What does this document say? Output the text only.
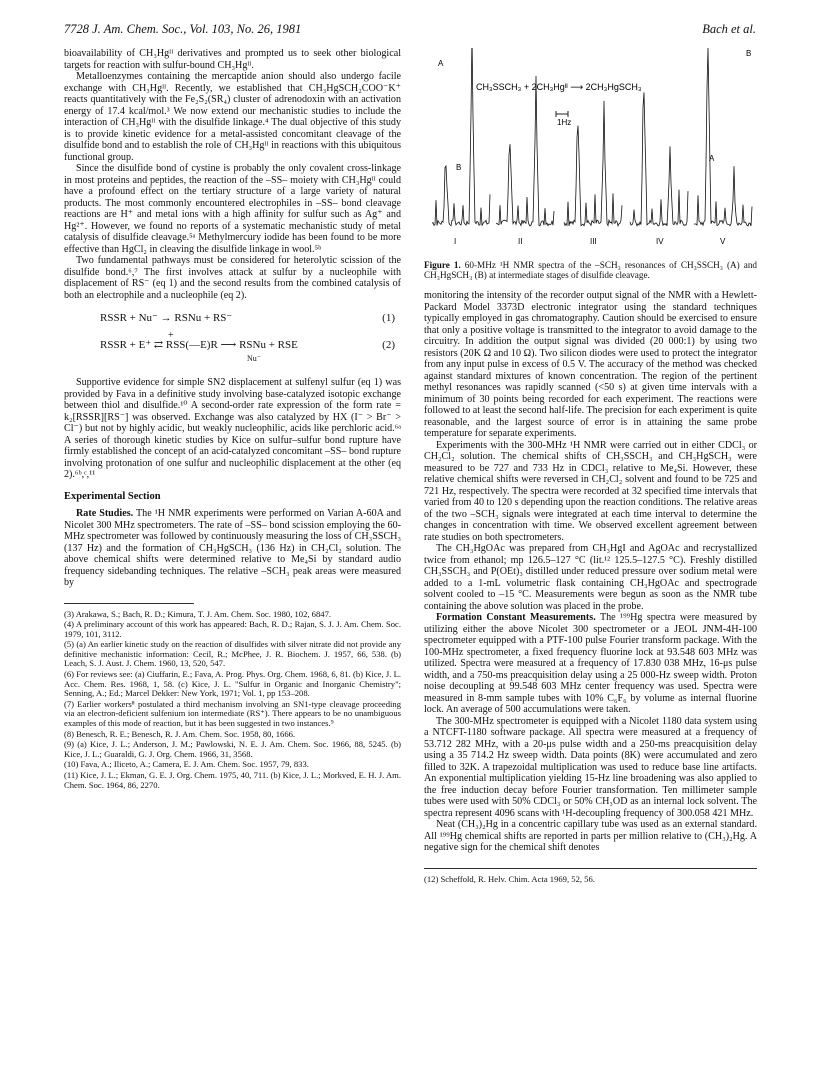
7728 J. Am. Chem. Soc., Vol. 103, No. 26, 1981	Bach et al.

bioavailability of CH₃Hgᴵᴵ derivatives and prompted us to seek other biological targets for reaction with sulfur-bound CH₃Hgᴵᴵ.

Metalloenzymes containing the mercaptide anion should also undergo facile exchange with CH₃Hgᴵᴵ. Recently, we established that CH₃HgSCH₂COO⁻K⁺ reacts quantitatively with the Fe₂S₂(SR₄) cluster of adrenodoxin with an activation energy of 17.4 kcal/mol.³ We now extend our mechanistic studies to include the interaction of CH₃Hgᴵᴵ with the disulfide linkage.⁴ The dual objective of this study is to provide kinetic evidence for a metal-assisted concomitant cleavage of the disulfide bond and to establish the role of CH₃Hgᴵᴵ in reactions with this ubiquitous functional group.

Since the disulfide bond of cystine is probably the only covalent cross-linkage in most proteins and peptides, the reaction of the –SS– moiety with CH₃Hgᴵᴵ could have a profound effect on the tertiary structure of a large variety of natural products. The most commonly encountered electrophiles in –SS– bond cleavage reactions are H⁺ and metal ions with a high affinity for sulfur such as Ag⁺ and Hg²⁺. However, we found no reports of a systematic mechanistic study of metal catalysis of disulfide cleavage.⁵ᵃ Methylmercury iodide has been found to be more effective than HgCl₂ in cleaving the disulfide linkage in wool.⁵ᵇ

Two fundamental pathways must be considered for heterolytic scission of the disulfide bond.⁶,⁷ The first involves attack at sulfur by a nucleophile with displacement of RS⁻ (eq 1) and the second results from the combined catalysis of both an electrophile and a nucleophile (eq 2).

RSSR + Nu⁻ → RSNu + RS⁻	(1)
+
RSSR + E⁺ ⇄ RSS(—E)R ⟶ RSNu + RSE
Nu⁻
(2)

Supportive evidence for simple SN2 displacement at sulfenyl sulfur (eq 1) was provided by Fava in a definitive study involving base-catalyzed isotopic exchange between thiol and disulfide.¹⁰ A second-order rate expression of the form rate = k₂[RSSR][RS⁻] was observed. Exchange was also catalyzed by HX (I⁻ > Br⁻ > Cl⁻) but not by highly acidic, but weakly nucleophilic, acids like perchloric acid.⁶ᵃ A series of thorough kinetic studies by Kice on sulfur–sulfur bond rupture have firmly established the concept of an acid-catalyzed concomitant –SS– bond rupture involving protonation of one sulfur and nucleophilic displacement at the other (eq 2).⁶ᵇ,ᶜ,¹¹

Experimental Section

Rate Studies. The ¹H NMR experiments were performed on Varian A-60A and Nicolet 300 MHz spectrometers. The rate of –SS– bond scission employing the 60-MHz spectrometer was followed by continuously measuring the loss of CH₃SSCH₃ (137 Hz) and the formation of CH₃HgSCH₃ (136 Hz) in CH₂Cl₂ solution. The above chemical shifts were determined relative to Me₄Si by standard audio frequency sidebanding techniques. The relative –SCH₃ peak areas were measured by

(3) Arakawa, S.; Bach, R. D.; Kimura, T. J. Am. Chem. Soc. 1980, 102, 6847.

(4) A preliminary account of this work has appeared: Bach, R. D.; Rajan, S. J. J. Am. Chem. Soc. 1979, 101, 3112.

(5) (a) An earlier kinetic study on the reaction of disulfides with silver nitrate did not provide any definitive mechanistic information: Cecil, R.; McPhee, J. R. Biochem. J. 1957, 66, 538. (b) Leach, S. J. Aust. J. Chem. 1960, 13, 520, 547.

(6) For reviews see: (a) Ciuffarin, E.; Fava, A. Prog. Phys. Org. Chem. 1968, 6, 81. (b) Kice, J. L. Acc. Chem. Res. 1968, 1, 58. (c) Kice, J. L. "Sulfur in Organic and Inorganic Chemistry"; Senning, A.; Ed.; Marcel Dekker: New York, 1971; Vol. 1, pp 153–208.

(7) Earlier workers⁸ postulated a third mechanism involving an SN1-type cleavage proceeding via an electron-deficient sulfenium ion intermediate (RS⁺). There appears to be no unambiguous examples of this mode of reaction, but it has been suggested in two instances.⁹

(8) Benesch, R. E.; Benesch, R. J. Am. Chem. Soc. 1958, 80, 1666.

(9) (a) Kice, J. L.; Anderson, J. M.; Pawlowski, N. E. J. Am. Chem. Soc. 1966, 88, 5245. (b) Kice, J. L.; Guaraldi, G. J. Org. Chem. 1966, 31, 3568.

(10) Fava, A.; Iliceto, A.; Camera, E. J. Am. Chem. Soc. 1957, 79, 833.

(11) Kice, J. L.; Ekman, G. E. J. Org. Chem. 1975, 40, 711. (b) Kice, J. L.; Morkved, E. H. J. Am. Chem. Soc. 1964, 86, 2270.

CH₃SSCH₃ + 2CH₃Hgᴵᴵ ⟶ 2CH₃HgSCH₃
1Hz
A
B
B
A
I	II	III	IV	V

Figure 1. 60-MHz ¹H NMR spectra of the –SCH₃ resonances of CH₃SSCH₃ (A) and CH₃HgSCH₃ (B) at intermediate stages of disulfide cleavage.

monitoring the intensity of the recorder output signal of the NMR with a Hewlett-Packard Model 3373D electronic integrator using the standard techniques typically employed in gas chromatography. Caution should be exercised to ensure that only a positive voltage is transmitted to the integrator to avoid damage to the circuitry. In addition the output signal was divided (20 000:1) by using two resistors (20K Ω and 10 Ω). Two silicon diodes were used to protect the integrator from any input pulse in excess of 0.5 V. The accuracy of the method was checked against standard mixtures of known concentration. The region of the pertinent methyl resonances was rapidly scanned (<50 s) at given time intervals with a minimum of 30 points being recorded for each experiment. The reactions were followed to at least the second half-life. The precision for each experiment is quite reasonable, and the largest source of error is in attaining the same probe temperature for separate experiments.

Experiments with the 300-MHz ¹H NMR were carried out in either CDCl₃ or CH₂Cl₂ solution. The chemical shifts of CH₃SSCH₃ and CH₃HgSCH₃ were measured to be 727 and 733 Hz in CDCl₃ relative to Me₄Si. However, these relative chemical shifts were reversed in CH₂Cl₂ solvent and found to be 725 and 721 Hz, respectively. The spectra were recorded at 32 specified time intervals that varied from 40 to 120 s depending upon the reaction conditions. The relative areas of the two –SCH₃ signals were integrated at each time interval to determine the changes in concentration with time. We observed excellent agreement between rate studies on both spectrometers.

The CH₃HgOAc was prepared from CH₃HgI and AgOAc and recrystallized twice from ethanol; mp 126.5–127 °C (lit.¹² 125.5–127.5 °C). Freshly distilled CH₃SSCH₃ and P(OEt)₃ distilled under reduced pressure over sodium metal were added to a 1-mL volumetric flask containing CH₃HgOAc and spectrograde solvent cooled to –15 °C. Measurements were begun as soon as the NMR tube containing the above solution was placed in the probe.

Formation Constant Measurements. The ¹⁹⁹Hg spectra were measured by utilizing either the above Nicolet 300 spectrometer or a JEOL JNM-4H-100 spectrometer equipped with a PTF-100 pulse Fourier transform package. With the 100-MHz spectrometer, a fixed frequency fluorine lock at 93.548 603 MHz was utilized. Spectra were measured at a frequency of 17.830 038 MHz, 16-μs pulse width, and a 750-ms preacquisition delay using a 25 000-Hz sweep width. Proton noise decoupling at 99.548 603 MHz center frequency was used. Spectra were measured in 8-mm sample tubes with 10% C₆F₆ by volume as internal fluorine lock. An average of 500 accumulations were taken.

The 300-MHz spectrometer is equipped with a Nicolet 1180 data system using a NTCFT-1180 software package. All spectra were measured at a frequency of 53.712 282 MHz, with a 20-μs pulse width and a 250-ms preacquisition delay using a 35 714.2 Hz sweep width. Data points (8K) were accumulated and zero filled to 32K. A trapezoidal multiplication was used to reduce base line artifacts. An exponential multiplication yielding 15-Hz line broadening was also applied to the free induction decay before Fourier transformation. Ten millimeter sample tubes were used with 50% CDCl₃ or 50% CH₃OD as an internal lock solvent. The spectra represent 4096 scans with ¹H-decoupling frequency of 300.058 421 MHz.

Neat (CH₃)₂Hg in a concentric capillary tube was used as an external standard. All ¹⁹⁹Hg chemical shifts are reported in parts per million relative to (CH₃)₂Hg. A negative sign for the chemical shift denotes

(12) Scheffold, R. Helv. Chim. Acta 1969, 52, 56.
